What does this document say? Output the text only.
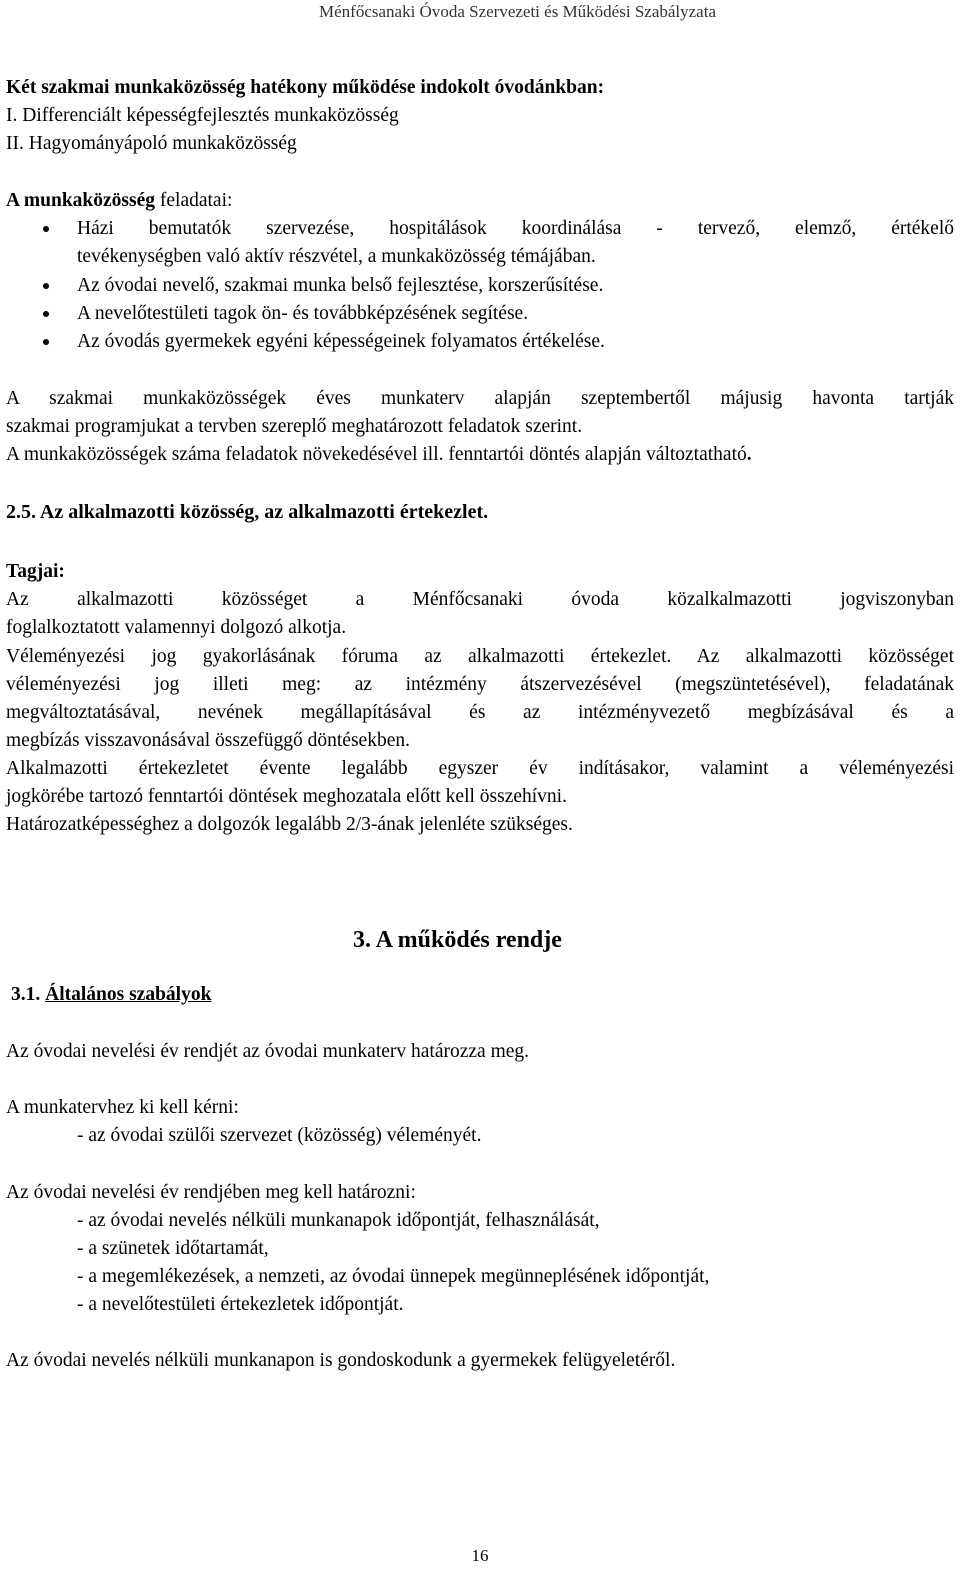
Ménfőcsanaki Óvoda Szervezeti és Működési Szabályzata
Két szakmai munkaközösség hatékony működése indokolt óvodánkban:
I. Differenciált képességfejlesztés munkaközösség
II. Hagyományápoló munkaközösség
A munkaközösség feladatai:
Házi bemutatók szervezése, hospitálások koordinálása - tervező, elemző, értékelő
tevékenységben való aktív részvétel, a munkaközösség témájában.
Az óvodai nevelő, szakmai munka belső fejlesztése, korszerűsítése.
A nevelőtestületi tagok ön- és továbbképzésének segítése.
Az óvodás gyermekek egyéni képességeinek folyamatos értékelése.
A szakmai munkaközösségek éves munkaterv alapján szeptembertől májusig havonta tartják
szakmai programjukat a tervben szereplő meghatározott feladatok szerint.
A munkaközösségek száma feladatok növekedésével ill. fenntartói döntés alapján változtatható.
2.5. Az alkalmazotti közösség, az alkalmazotti értekezlet.
Tagjai:
Az alkalmazotti közösséget a Ménfőcsanaki óvoda közalkalmazotti jogviszonyban
foglalkoztatott valamennyi dolgozó alkotja.
Véleményezési jog gyakorlásának fóruma az alkalmazotti értekezlet. Az alkalmazotti közösséget
véleményezési jog illeti meg: az intézmény átszervezésével (megszüntetésével), feladatának
megváltoztatásával, nevének megállapításával és az intézményvezető megbízásával és a
megbízás visszavonásával összefüggő döntésekben.
Alkalmazotti értekezletet évente legalább egyszer év indításakor, valamint a véleményezési
jogkörébe tartozó fenntartói döntések meghozatala előtt kell összehívni.
Határozatképességhez a dolgozók legalább 2/3-ának jelenléte szükséges.
3. A működés rendje
3.1. Általános szabályok
Az óvodai nevelési év rendjét az óvodai munkaterv határozza meg.
A munkatervhez ki kell kérni:
- az óvodai szülői szervezet (közösség) véleményét.
Az óvodai nevelési év rendjében meg kell határozni:
- az óvodai nevelés nélküli munkanapok időpontját, felhasználását,
- a szünetek időtartamát,
- a megemlékezések, a nemzeti, az óvodai ünnepek megünneplésének időpontját,
- a nevelőtestületi értekezletek időpontját.
Az óvodai nevelés nélküli munkanapon is gondoskodunk a gyermekek felügyeletéről.
16
